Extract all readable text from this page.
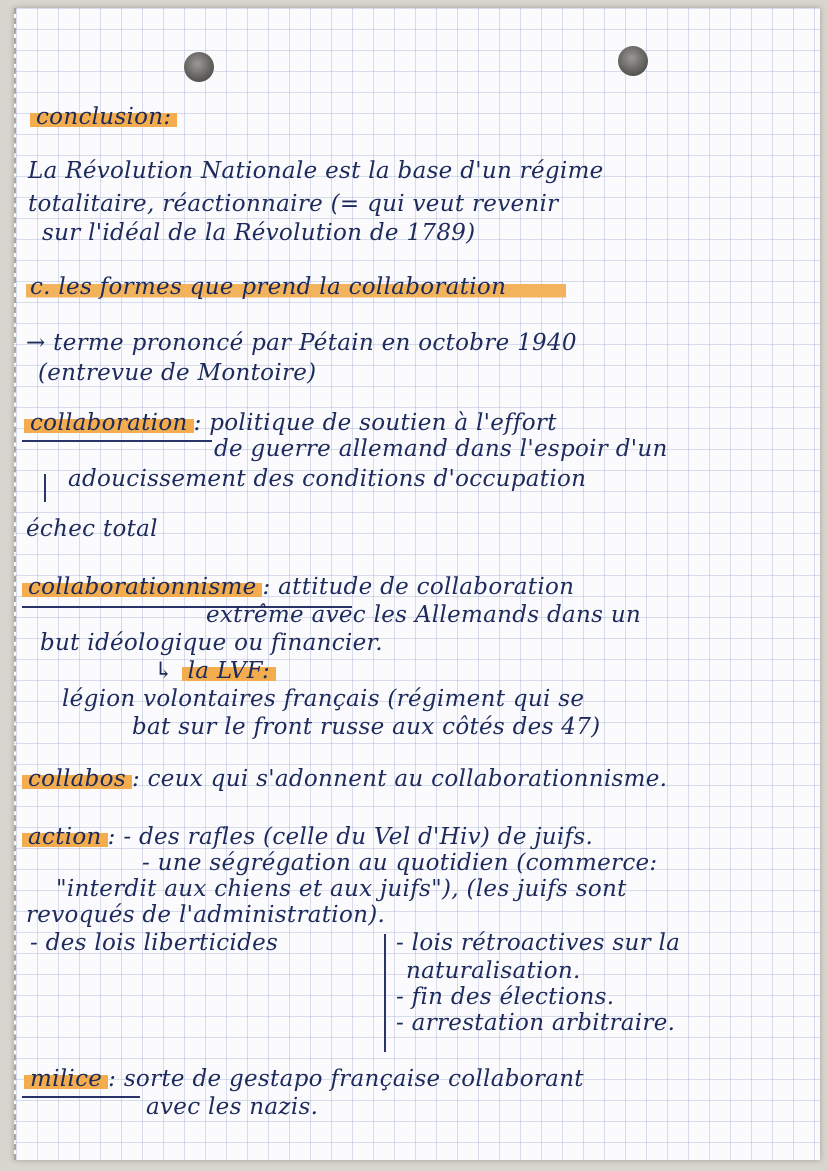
conclusion:
La Révolution Nationale est la base d'un régime
totalitaire, réactionnaire (= qui veut revenir
sur l'idéal de la Révolution de 1789)
c. les formes que prend la collaboration
→ terme prononcé par Pétain en octobre 1940
(entrevue de Montoire)
collaboration : politique de soutien à l'effort
de guerre allemand dans l'espoir d'un
adoucissement des conditions d'occupation
échec total
collaborationnisme : attitude de collaboration
extrême avec les Allemands dans un
but idéologique ou financier.
↳ la LVF:
légion volontaires français (régiment qui se
bat sur le front russe aux côtés des 47)
collabos : ceux qui s'adonnent au collaborationnisme.
action : - des rafles (celle du Vel d'Hiv) de juifs.
- une ségrégation au quotidien (commerce:
"interdit aux chiens et aux juifs"), (les juifs sont
revoqués de l'administration).
- des lois liberticides	- lois rétroactives sur la
naturalisation.
- fin des élections.
- arrestation arbitraire.
milice : sorte de gestapo française collaborant
avec les nazis.
